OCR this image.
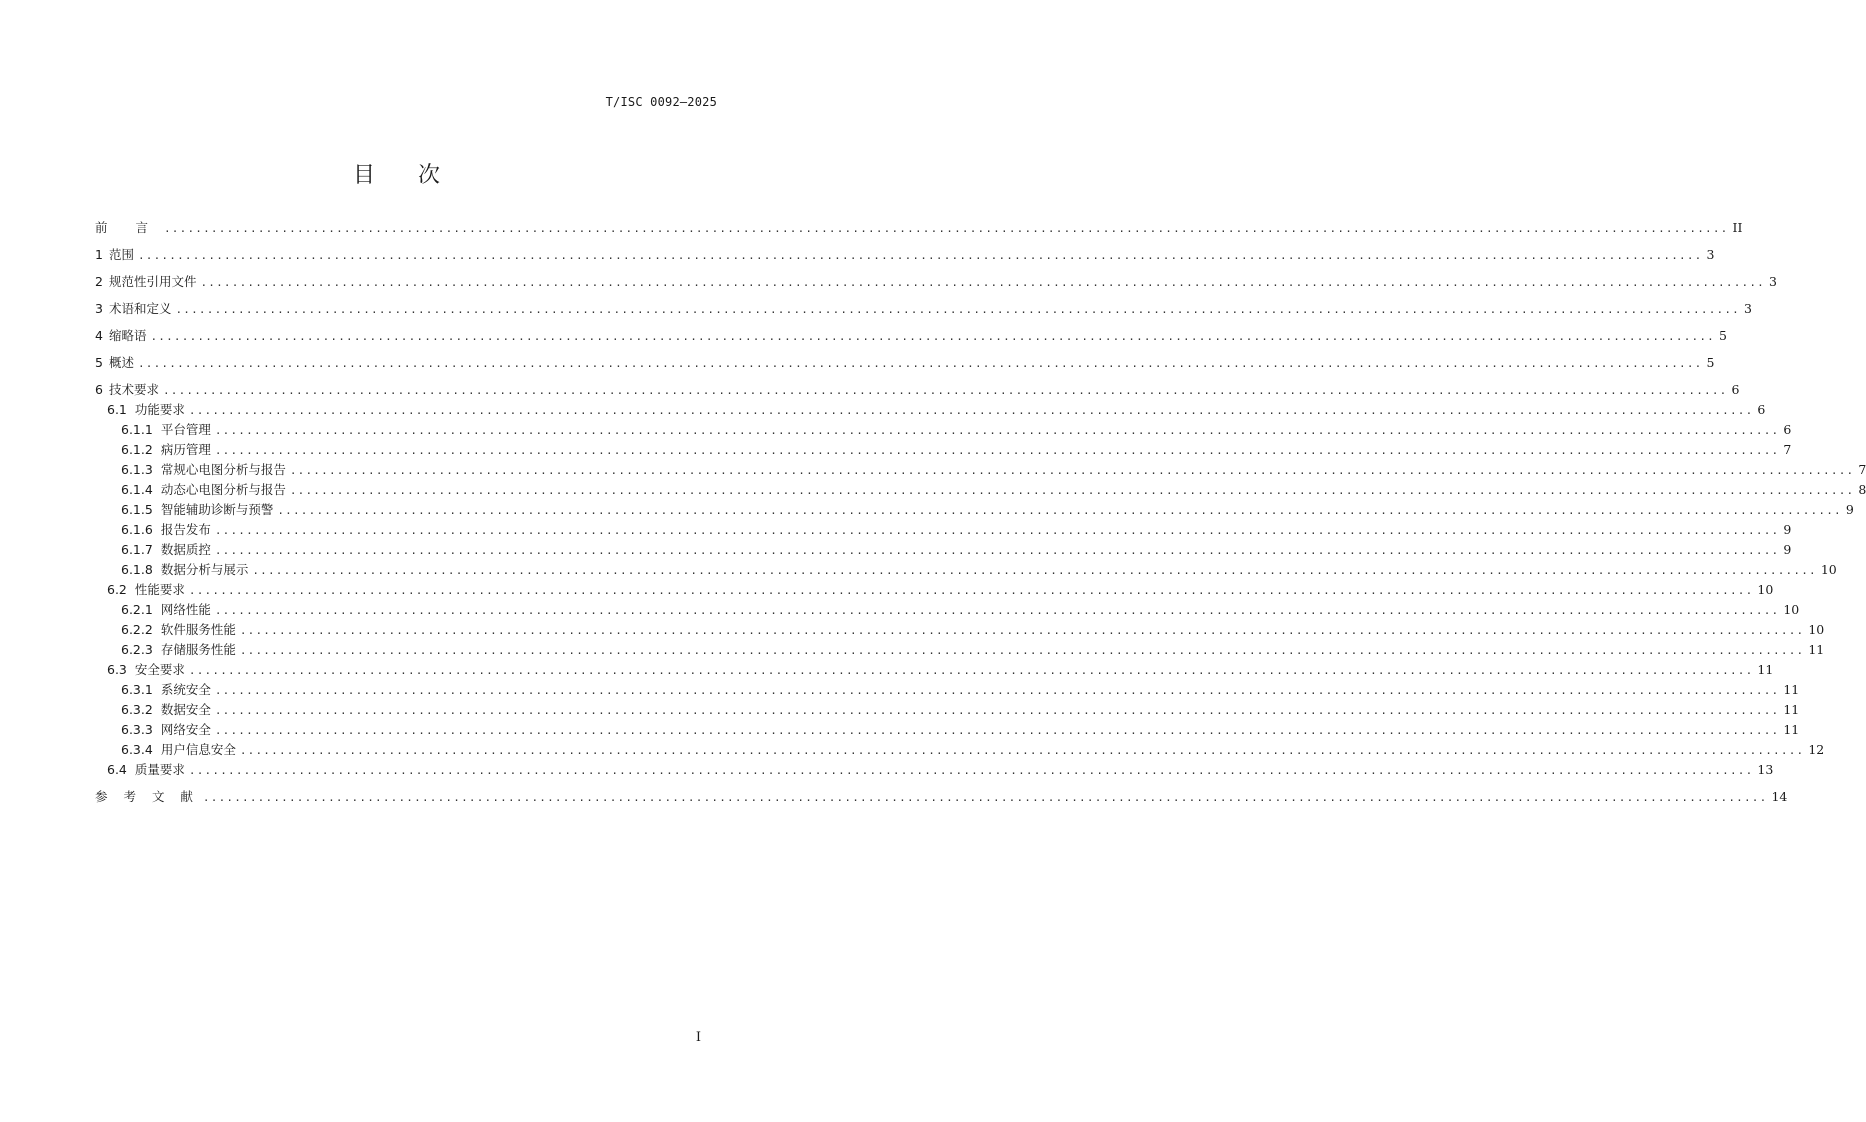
T/ISC 0092—2025
目 次
前 言 ........................................................................................................................................................................................................ II
1 范围 ........................................................................................................................................................................................................ 3
2 规范性引用文件 ........................................................................................................................................................................................................ 3
3 术语和定义 ........................................................................................................................................................................................................ 3
4 缩略语 ........................................................................................................................................................................................................ 5
5 概述 ........................................................................................................................................................................................................ 5
6 技术要求 ........................................................................................................................................................................................................ 6
6.1 功能要求 ........................................................................................................................................................................................................ 6
6.1.1 平台管理 ........................................................................................................................................................................................................ 6
6.1.2 病历管理 ........................................................................................................................................................................................................ 7
6.1.3 常规心电图分析与报告 ........................................................................................................................................................................................................ 7
6.1.4 动态心电图分析与报告 ........................................................................................................................................................................................................ 8
6.1.5 智能辅助诊断与预警 ........................................................................................................................................................................................................ 9
6.1.6 报告发布 ........................................................................................................................................................................................................ 9
6.1.7 数据质控 ........................................................................................................................................................................................................ 9
6.1.8 数据分析与展示 ........................................................................................................................................................................................................ 10
6.2 性能要求 ........................................................................................................................................................................................................ 10
6.2.1 网络性能 ........................................................................................................................................................................................................ 10
6.2.2 软件服务性能 ........................................................................................................................................................................................................ 10
6.2.3 存储服务性能 ........................................................................................................................................................................................................ 11
6.3 安全要求 ........................................................................................................................................................................................................ 11
6.3.1 系统安全 ........................................................................................................................................................................................................ 11
6.3.2 数据安全 ........................................................................................................................................................................................................ 11
6.3.3 网络安全 ........................................................................................................................................................................................................ 11
6.3.4 用户信息安全 ........................................................................................................................................................................................................ 12
6.4 质量要求 ........................................................................................................................................................................................................ 13
参 考 文 献 ........................................................................................................................................................................................................ 14
I
